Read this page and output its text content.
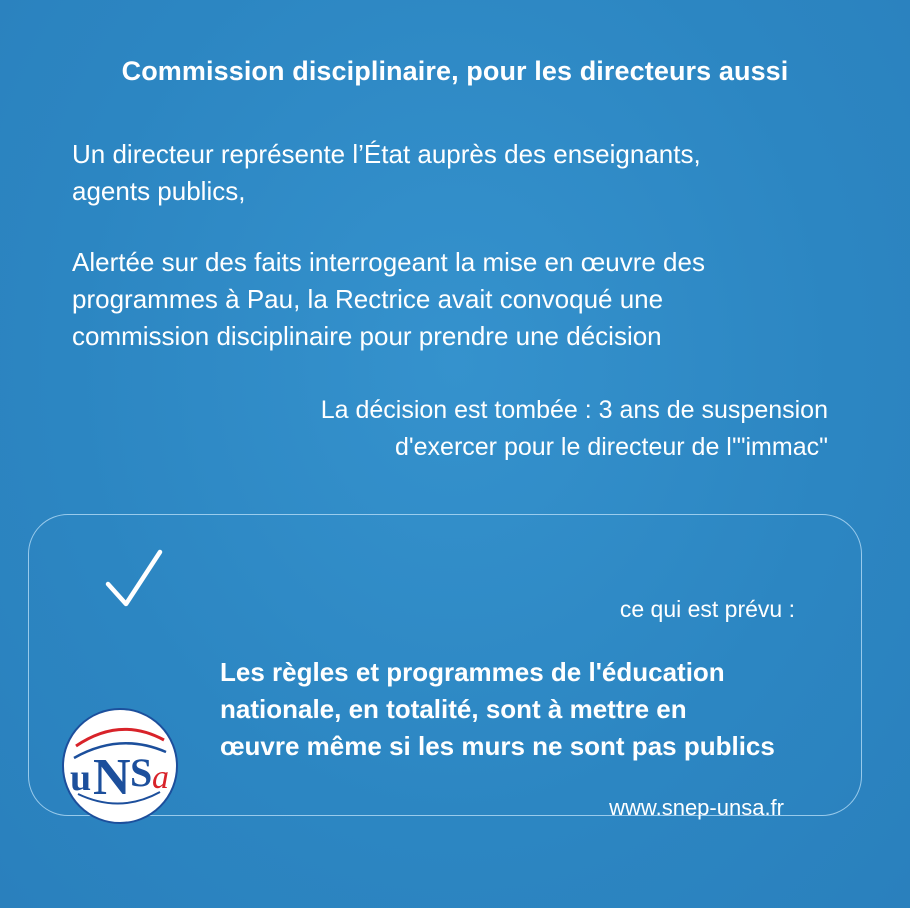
Commission disciplinaire, pour les directeurs aussi
Un directeur représente l’État auprès des enseignants,
agents publics,
Alertée sur des faits interrogeant la mise en œuvre des
programmes à Pau, la Rectrice avait convoqué une
commission disciplinaire pour prendre une décision
La décision est tombée : 3 ans de suspension
d'exercer pour le directeur de l'"immac"
ce qui est prévu :
Les règles et programmes de l'éducation
nationale, en totalité, sont à mettre en
œuvre même si les murs ne sont pas publics
u N S a
www.snep-unsa.fr
